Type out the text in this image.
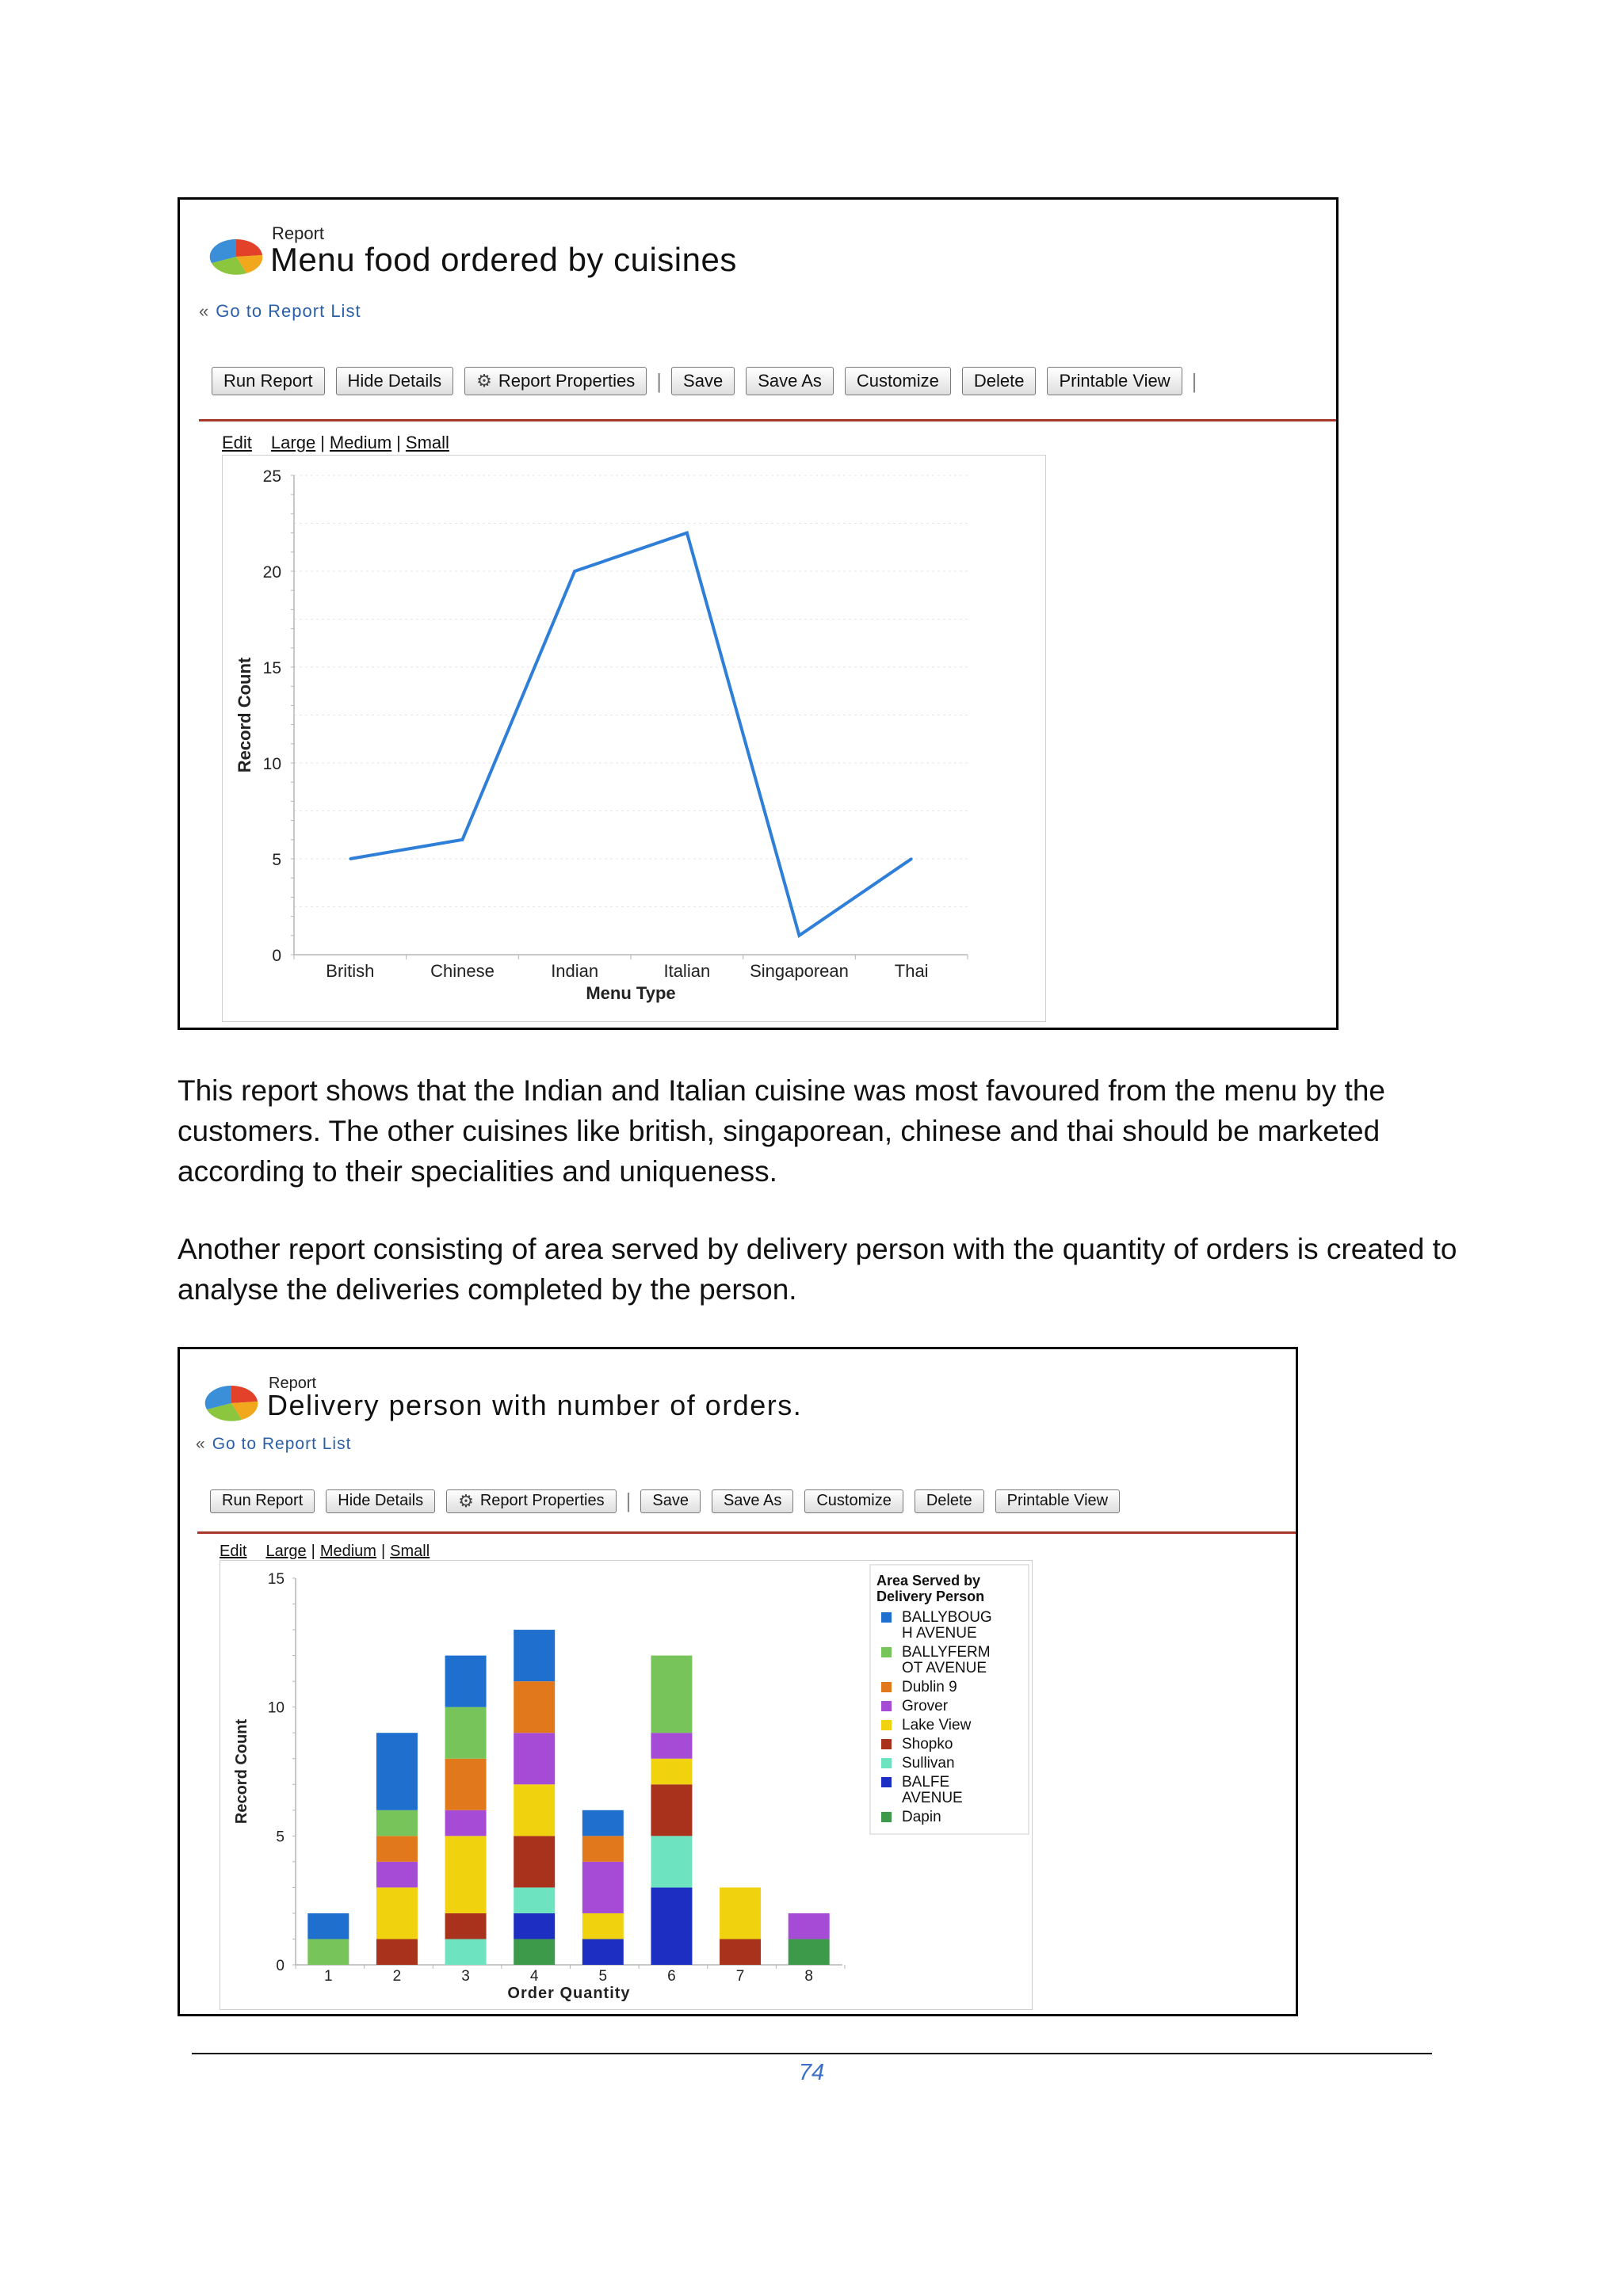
Report
Menu food ordered by cuisines
« Go to Report List
Run Report	Hide Details	⚙ Report Properties |	Save	Save As	Customize	Delete	Printable View	|
Edit Large | Medium | Small
0
5
10
15
20
25
British	Chinese	Indian	Italian Singaporean	Thai
Menu Type
Record Count
This report shows that the Indian and Italian cuisine was most favoured from the menu by the customers. The other cuisines like british, singaporean, chinese and thai should be marketed according to their specialities and uniqueness.
Another report consisting of area served by delivery person with the quantity of orders is created to analyse the deliveries completed by the person.
Report
Delivery person with number of orders.
« Go to Report List
Run Report	Hide Details	⚙ Report Properties |	Save	Save As	Customize	Delete	Printable View
Edit Large | Medium | Small
0
5
10
15
1	2	3	4	5	6	7	8
Order Quantity
Record Count
Area Served by
Delivery Person
BALLYBOUG
H AVENUE
BALLYFERM
OT AVENUE
Dublin 9
Grover
Lake View
Shopko
Sullivan
BALFE
AVENUE
Dapin
74
